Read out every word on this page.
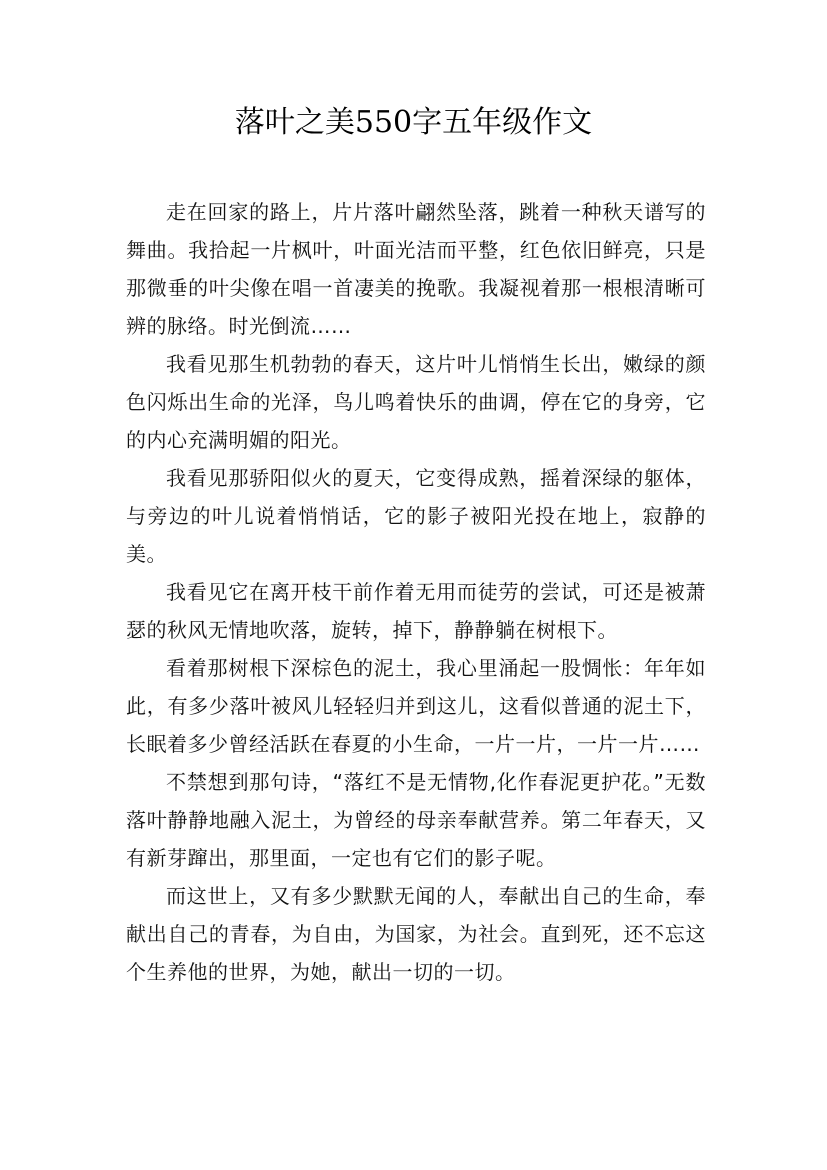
落叶之美550字五年级作文

走在回家的路上，片片落叶翩然坠落，跳着一种秋天谱写的舞曲。我拾起一片枫叶，叶面光洁而平整，红色依旧鲜亮，只是那微垂的叶尖像在唱一首凄美的挽歌。我凝视着那一根根清晰可辨的脉络。时光倒流……

我看见那生机勃勃的春天，这片叶儿悄悄生长出，嫩绿的颜色闪烁出生命的光泽，鸟儿鸣着快乐的曲调，停在它的身旁，它的内心充满明媚的阳光。

我看见那骄阳似火的夏天，它变得成熟，摇着深绿的躯体，与旁边的叶儿说着悄悄话，它的影子被阳光投在地上，寂静的美。

我看见它在离开枝干前作着无用而徒劳的尝试，可还是被萧瑟的秋风无情地吹落，旋转，掉下，静静躺在树根下。

看着那树根下深棕色的泥土，我心里涌起一股惆怅：年年如此，有多少落叶被风儿轻轻归并到这儿，这看似普通的泥土下，长眠着多少曾经活跃在春夏的小生命，一片一片，一片一片……

不禁想到那句诗，“落红不是无情物,化作春泥更护花。”无数落叶静静地融入泥土，为曾经的母亲奉献营养。第二年春天，又有新芽蹿出，那里面，一定也有它们的影子呢。

而这世上，又有多少默默无闻的人，奉献出自己的生命，奉献出自己的青春，为自由，为国家，为社会。直到死，还不忘这个生养他的世界，为她，献出一切的一切。
